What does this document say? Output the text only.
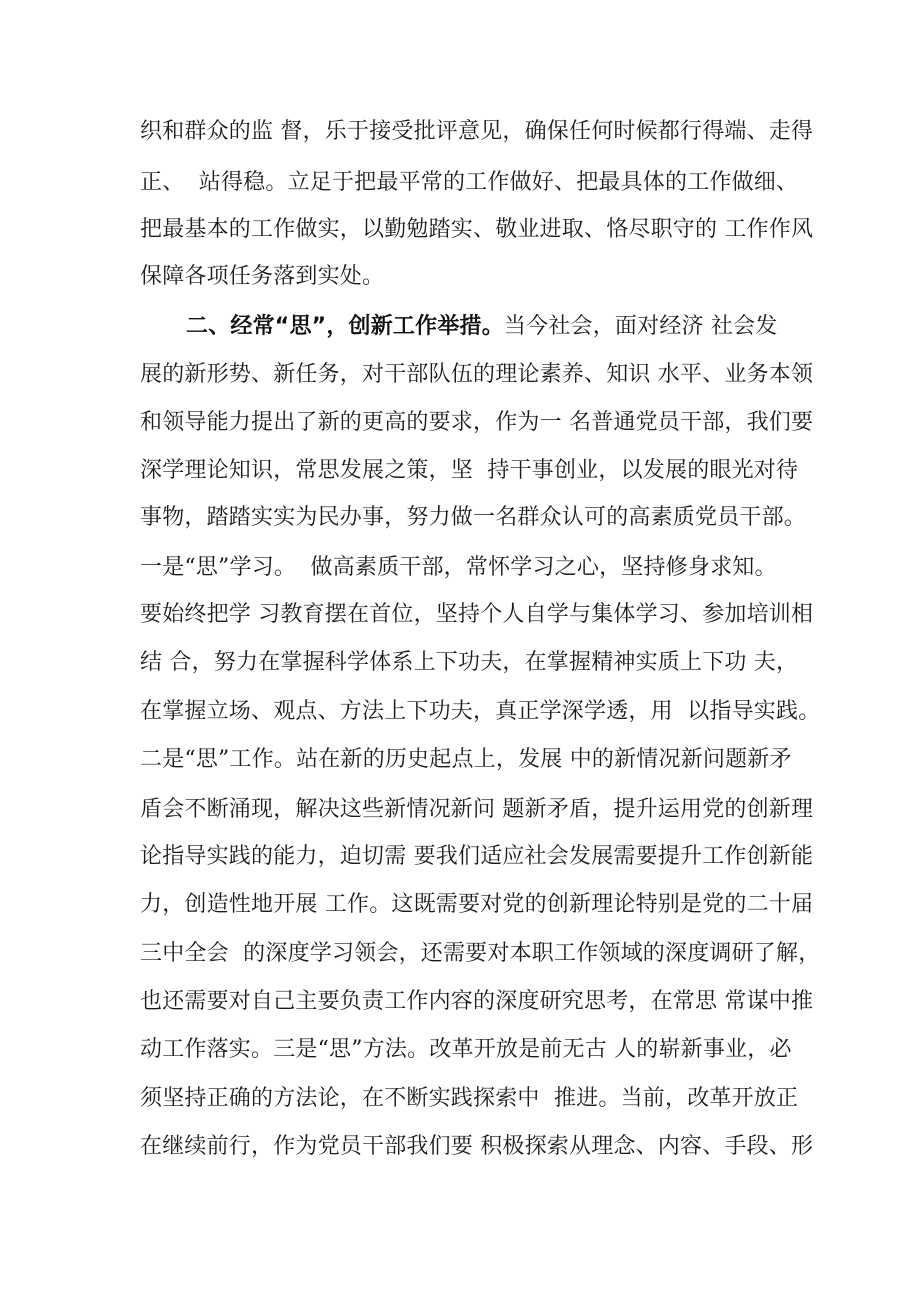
织和群众的监 督，乐于接受批评意见，确保任何时候都行得端、走得
正、  站得稳。立足于把最平常的工作做好、把最具体的工作做细、
把最基本的工作做实，以勤勉踏实、敬业进取、恪尽职守的 工作作风
保障各项任务落到实处。
二、经常“思”，创新工作举措。当今社会，面对经济 社会发
展的新形势、新任务，对干部队伍的理论素养、知识 水平、业务本领
和领导能力提出了新的更高的要求，作为一 名普通党员干部，我们要
深学理论知识，常思发展之策，坚  持干事创业，以发展的眼光对待
事物，踏踏实实为民办事，努力做一名群众认可的高素质党员干部。
一是“思”学习。  做高素质干部，常怀学习之心，坚持修身求知。
要始终把学 习教育摆在首位，坚持个人自学与集体学习、参加培训相
结 合，努力在掌握科学体系上下功夫，在掌握精神实质上下功 夫，
在掌握立场、观点、方法上下功夫，真正学深学透，用  以指导实践。
二是“思”工作。站在新的历史起点上，发展 中的新情况新问题新矛
盾会不断涌现，解决这些新情况新问 题新矛盾，提升运用党的创新理
论指导实践的能力，迫切需 要我们适应社会发展需要提升工作创新能
力，创造性地开展 工作。这既需要对党的创新理论特别是党的二十届
三中全会  的深度学习领会，还需要对本职工作领域的深度调研了解，
也还需要对自己主要负责工作内容的深度研究思考，在常思 常谋中推
动工作落实。三是“思”方法。改革开放是前无古 人的崭新事业，必
须坚持正确的方法论，在不断实践探索中  推进。当前，改革开放正
在继续前行，作为党员干部我们要 积极探索从理念、内容、手段、形
